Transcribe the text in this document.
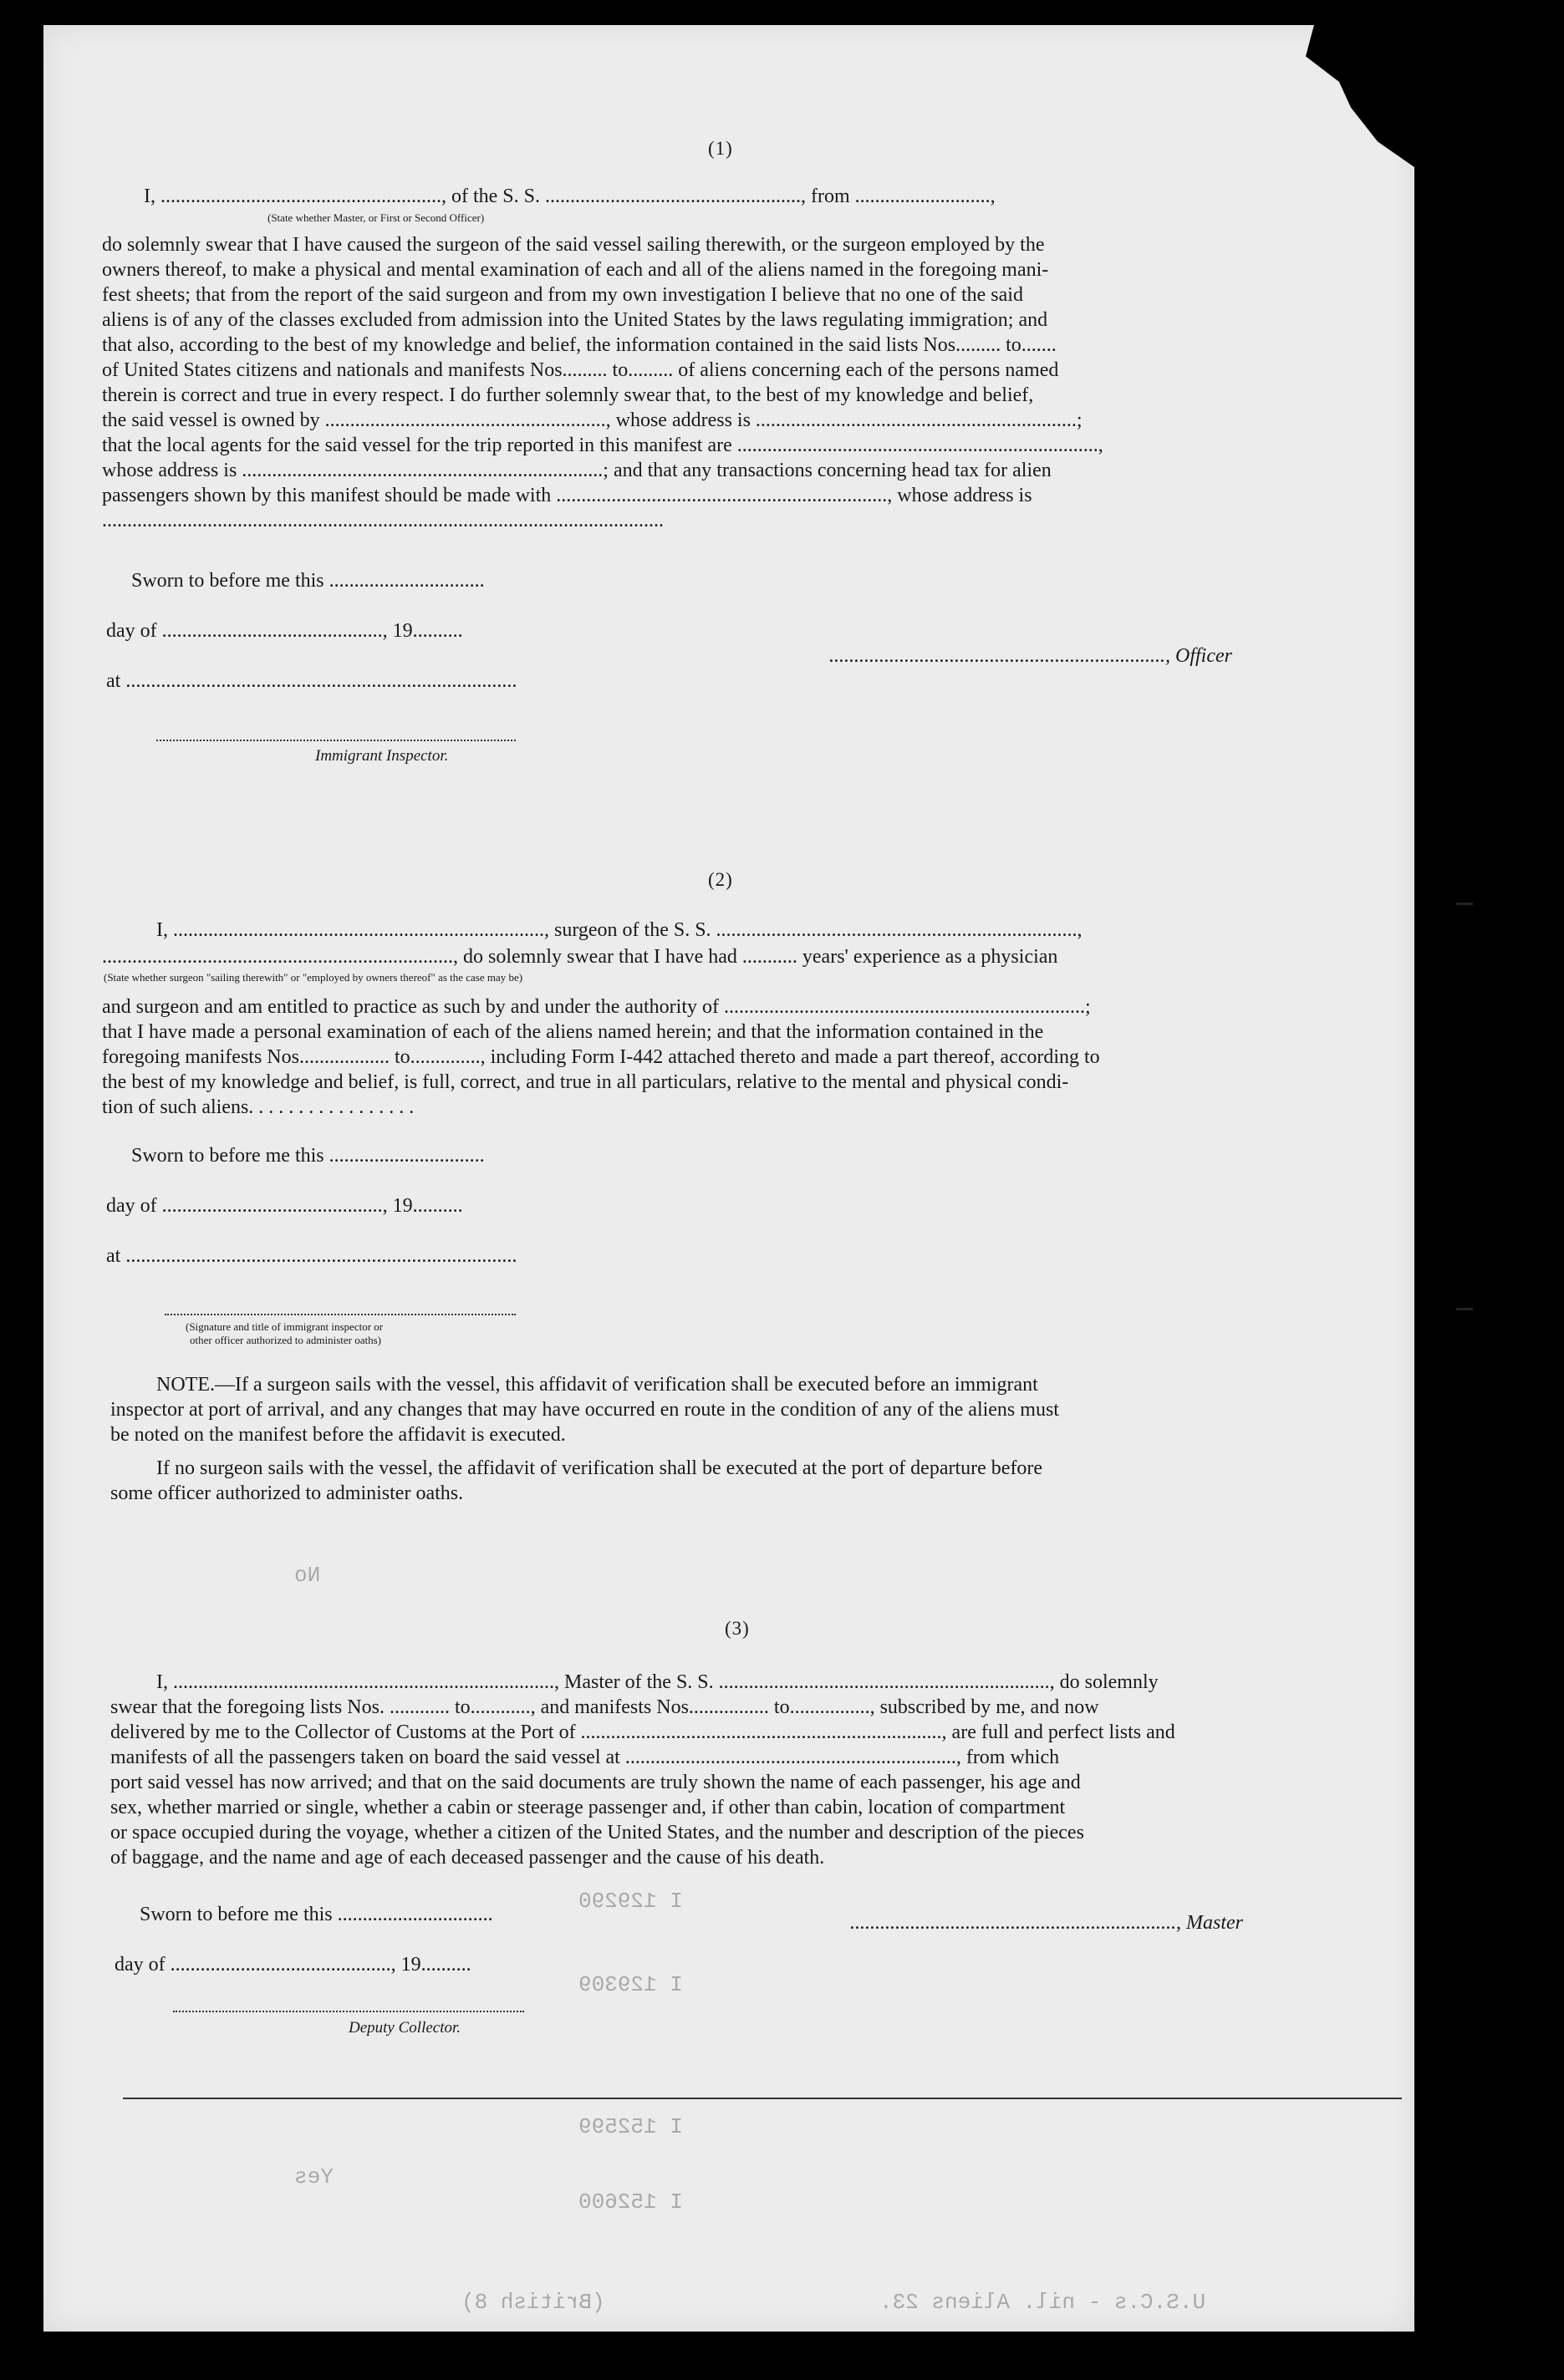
I 152600
I 152599
I 129309
I 129290
(British 8)	U.S.C.s - nil. Aliens 23.
Yes
No
(1)
I, ........................................................, of the S. S. ..................................................., from ...........................,
(State whether Master, or First or Second Officer)
do solemnly swear that I have caused the surgeon of the said vessel sailing therewith, or the surgeon employed by the
owners thereof, to make a physical and mental examination of each and all of the aliens named in the foregoing mani-
fest sheets; that from the report of the said surgeon and from my own investigation I believe that no one of the said
aliens is of any of the classes excluded from admission into the United States by the laws regulating immigration; and
that also, according to the best of my knowledge and belief, the information contained in the said lists Nos......... to.......
of United States citizens and nationals and manifests Nos......... to......... of aliens concerning each of the persons named
therein is correct and true in every respect. I do further solemnly swear that, to the best of my knowledge and belief,
the said vessel is owned by ........................................................, whose address is ................................................................;
that the local agents for the said vessel for the trip reported in this manifest are ........................................................................,
whose address is ........................................................................; and that any transactions concerning head tax for alien
passengers shown by this manifest should be made with .................................................................., whose address is
................................................................................................................
Sworn to before me this ...............................
day of ............................................, 19..........
at ..............................................................................
Immigrant Inspector.
..................................................................., Officer
(2)
I, .........................................................................., surgeon of the S. S. ........................................................................,
......................................................................, do solemnly swear that I have had ........... years' experience as a physician
(State whether surgeon "sailing therewith" or "employed by owners thereof" as the case may be)
and surgeon and am entitled to practice as such by and under the authority of ........................................................................;
that I have made a personal examination of each of the aliens named herein; and that the information contained in the
foregoing manifests Nos.................. to.............., including Form I-442 attached thereto and made a part thereof, according to
the best of my knowledge and belief, is full, correct, and true in all particulars, relative to the mental and physical condi-
tion of such aliens. . . . . . . . . . . . . . . . .
Sworn to before me this ...............................
day of ............................................, 19..........
at ..............................................................................
(Signature and title of immigrant inspector or
other officer authorized to administer oaths)
NOTE.—If a surgeon sails with the vessel, this affidavit of verification shall be executed before an immigrant
inspector at port of arrival, and any changes that may have occurred en route in the condition of any of the aliens must
be noted on the manifest before the affidavit is executed.
If no surgeon sails with the vessel, the affidavit of verification shall be executed at the port of departure before
some officer authorized to administer oaths.
(3)
I, ............................................................................, Master of the S. S. .................................................................., do solemnly
swear that the foregoing lists Nos. ............ to............, and manifests Nos................ to................, subscribed by me, and now
delivered by me to the Collector of Customs at the Port of ........................................................................, are full and perfect lists and
manifests of all the passengers taken on board the said vessel at .................................................................., from which
port said vessel has now arrived; and that on the said documents are truly shown the name of each passenger, his age and
sex, whether married or single, whether a cabin or steerage passenger and, if other than cabin, location of compartment
or space occupied during the voyage, whether a citizen of the United States, and the number and description of the pieces
of baggage, and the name and age of each deceased passenger and the cause of his death.
Sworn to before me this ...............................
day of ............................................, 19..........
................................................................., Master
Deputy Collector.
